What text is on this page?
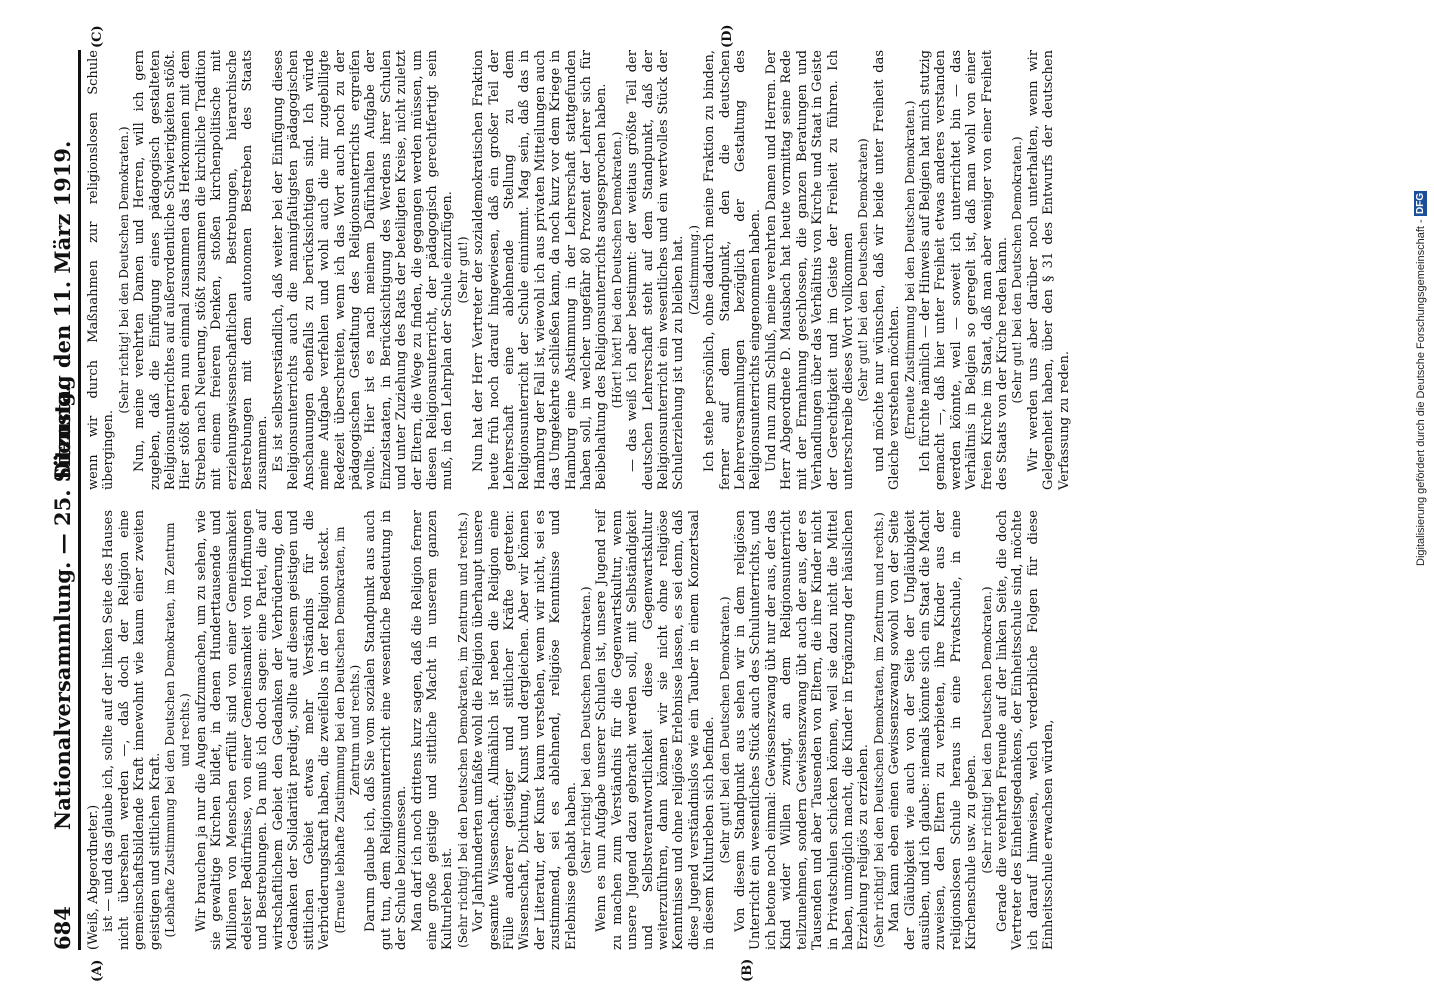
684
Nationalversammlung. — 25. Sitzung.
Dienstag den 11. März 1919.
(A)	(B)
(C)	(D)

(Weiß, Abgeordneter.) ist — und das glaube ich, sollte auf der linken Seite des Hauses nicht übersehen werden —, daß doch der Religion eine gemeinschaftsbildende Kraft innewohnt wie kaum einer zweiten geistigen und sittlichen Kraft. (Lebhafte Zustimmung bei den Deutschen Demokraten, im Zentrum und rechts.) Wir brauchen ja nur die Augen aufzumachen, um zu sehen, wie sie gewaltige Kirchen bildet, in denen Hunderttausende und Millionen von Menschen erfüllt sind von einer Gemeinsamkeit edelster Bedürfnisse, von einer Gemeinsamkeit von Hoffnungen und Bestrebungen. Da muß ich doch sagen: eine Partei, die auf wirtschaftlichem Gebiet den Gedanken der Verbrüderung, den Gedanken der Solidarität predigt, sollte auf diesem geistigen und sittlichen Gebiet etwas mehr Verständnis für die Verbrüderungskraft haben, die zweifellos in der Religion steckt. (Erneute lebhafte Zustimmung bei den Deutschen Demokraten, im Zentrum und rechts.) Darum glaube ich, daß Sie vom sozialen Standpunkt aus auch gut tun, dem Religionsunterricht eine wesentliche Bedeutung in der Schule beizumessen. Man darf ich noch drittens kurz sagen, daß die Religion ferner eine große geistige und sittliche Macht in unserem ganzen Kulturleben ist. (Sehr richtig! bei den Deutschen Demokraten, im Zentrum und rechts.) Vor Jahrhunderten umfaßte wohl die Religion überhaupt unsere gesamte Wissenschaft. Allmählich ist neben die Religion eine Fülle anderer geistiger und sittlicher Kräfte getreten: Wissenschaft, Dichtung, Kunst und dergleichen. Aber wir können der Literatur, der Kunst kaum verstehen, wenn wir nicht, sei es zustimmend, sei es ablehnend, religiöse Kenntnisse und Erlebnisse gehabt haben. (Sehr richtig! bei den Deutschen Demokraten.) Wenn es nun Aufgabe unserer Schulen ist, unsere Jugend reif zu machen zum Verständnis für die Gegenwartskultur, wenn unsere Jugend dazu gebracht werden soll, mit Selbständigkeit und Selbstverantwortlichkeit diese Gegenwartskultur weiterzuführen, dann können wir sie nicht ohne religiöse Kenntnisse und ohne religiöse Erlebnisse lassen, es sei denn, daß diese Jugend verständnislos wie ein Tauber in einem Konzertsaal in diesem Kulturleben sich befinde. (Sehr gut! bei den Deutschen Demokraten.) Von diesem Standpunkt aus sehen wir in dem religiösen Unterricht ein wesentliches Stück auch des Schulunterrichts, und ich betone noch einmal: Gewissenszwang übt nur der aus, der das Kind wider Willen zwingt, an dem Religionsunterricht teilzunehmen, sondern Gewissenszwang übt auch der aus, der es Tausenden und aber Tausenden von Eltern, die ihre Kinder nicht in Privatschulen schicken können, weil sie dazu nicht die Mittel haben, unmöglich macht, die Kinder in Ergänzung der häuslichen Erziehung religiös zu erziehen. (Sehr richtig! bei den Deutschen Demokraten, im Zentrum und rechts.) Man kann eben einen Gewissenszwang sowohl von der Seite der Gläubigkeit wie auch von der Seite der Ungläubigkeit ausüben, und ich glaube: niemals könnte sich ein Staat die Macht zuweisen, den Eltern zu verbieten, ihre Kinder aus der religionslosen Schule heraus in eine Privatschule, in eine Kirchenschule usw. zu geben. (Sehr richtig! bei den Deutschen Demokraten.) Gerade die verehrten Freunde auf der linken Seite, die doch Vertreter des Einheitsgedankens, der Einheitsschule sind, möchte ich darauf hinweisen, welch verderbliche Folgen für diese Einheitsschule erwachsen würden,

wenn wir durch Maßnahmen zur religionslosen Schule übergingen.

(Sehr richtig! bei den Deutschen Demokraten.) Nun, meine verehrten Damen und Herren, will ich gern zugeben, daß die Einfügung eines pädagogisch gestalteten Religionsunterrichtes auf außerordentliche Schwierigkeiten stößt. Hier stößt eben nun einmal zusammen das Herkommen mit dem Streben nach Neuerung, stößt zusammen die kirchliche Tradition mit einem freieren Denken, stoßen kirchenpolitische mit erziehungswissenschaftlichen Bestrebungen, hierarchische Bestrebungen mit dem autonomen Bestreben des Staats zusammen. Es ist selbstverständlich, daß weiter bei der Einfügung dieses Religionsunterrichts auch die mannigfaltigsten pädagogischen Anschauungen ebenfalls zu berücksichtigen sind. Ich würde meine Aufgabe verfehlen und wohl auch die mir zugebilligte Redezeit überschreiten, wenn ich das Wort auch noch zu der pädagogischen Gestaltung des Religionsunterrichts ergreifen wollte. Hier ist es nach meinem Dafürhalten Aufgabe der Einzelstaaten, in Berücksichtigung des Werdens ihrer Schulen und unter Zuziehung des Rats der beteiligten Kreise, nicht zuletzt der Eltern, die Wege zu finden, die gegangen werden müssen, um diesen Religionsunterricht, der pädagogisch gerechtfertigt sein muß, in den Lehrplan der Schule einzufügen. (Sehr gut!) Nun hat der Herr Vertreter der sozialdemokratischen Fraktion heute früh noch darauf hingewiesen, daß ein großer Teil der Lehrerschaft eine ablehnende Stellung zu dem Religionsunterricht der Schule einnimmt. Mag sein, daß das in Hamburg der Fall ist, wiewohl ich aus privaten Mitteilungen auch das Umgekehrte schließen kann, da noch kurz vor dem Kriege in Hamburg eine Abstimmung in der Lehrerschaft stattgefunden haben soll, in welcher ungefähr 80 Prozent der Lehrer sich für Beibehaltung des Religionsunterrichts ausgesprochen haben. (Hört! hört! bei den Deutschen Demokraten.) — das weiß ich aber bestimmt: der weitaus größte Teil der deutschen Lehrerschaft steht auf dem Standpunkt, daß der Religionsunterricht ein wesentliches und ein wertvolles Stück der Schulerziehung ist und zu bleiben hat. (Zustimmung.) Ich stehe persönlich, ohne dadurch meine Fraktion zu binden, ferner auf dem Standpunkt, den die deutschen Lehrerversammlungen bezüglich der Gestaltung des Religionsunterrichts eingenommen haben. Und nun zum Schluß, meine verehrten Damen und Herren. Der Herr Abgeordnete D. Mausbach hat heute vormittag seine Rede mit der Ermahnung geschlossen, die ganzen Beratungen und Verhandlungen über das Verhältnis von Kirche und Staat in Geiste der Gerechtigkeit und im Geiste der Freiheit zu führen. Ich unterschreibe dieses Wort vollkommen (Sehr gut! bei den Deutschen Demokraten) und möchte nur wünschen, daß wir beide unter Freiheit das Gleiche verstehen möchten. (Erneute Zustimmung bei den Deutschen Demokraten.) Ich fürchte nämlich — der Hinweis auf Belgien hat mich stutzig gemacht —, daß hier unter Freiheit etwas anderes verstanden werden könnte, weil — soweit ich unterrichtet bin — das Verhältnis in Belgien so geregelt ist, daß man wohl von einer freien Kirche im Staat, daß man aber weniger von einer Freiheit des Staats von der Kirche reden kann. (Sehr gut! bei den Deutschen Demokraten.) Wir werden uns aber darüber noch unterhalten, wenn wir Gelegenheit haben, über den § 31 des Entwurfs der deutschen Verfassung zu reden.	Digitalisierung gefördert durch die Deutsche Forschungsgemeinschaft - DFG
